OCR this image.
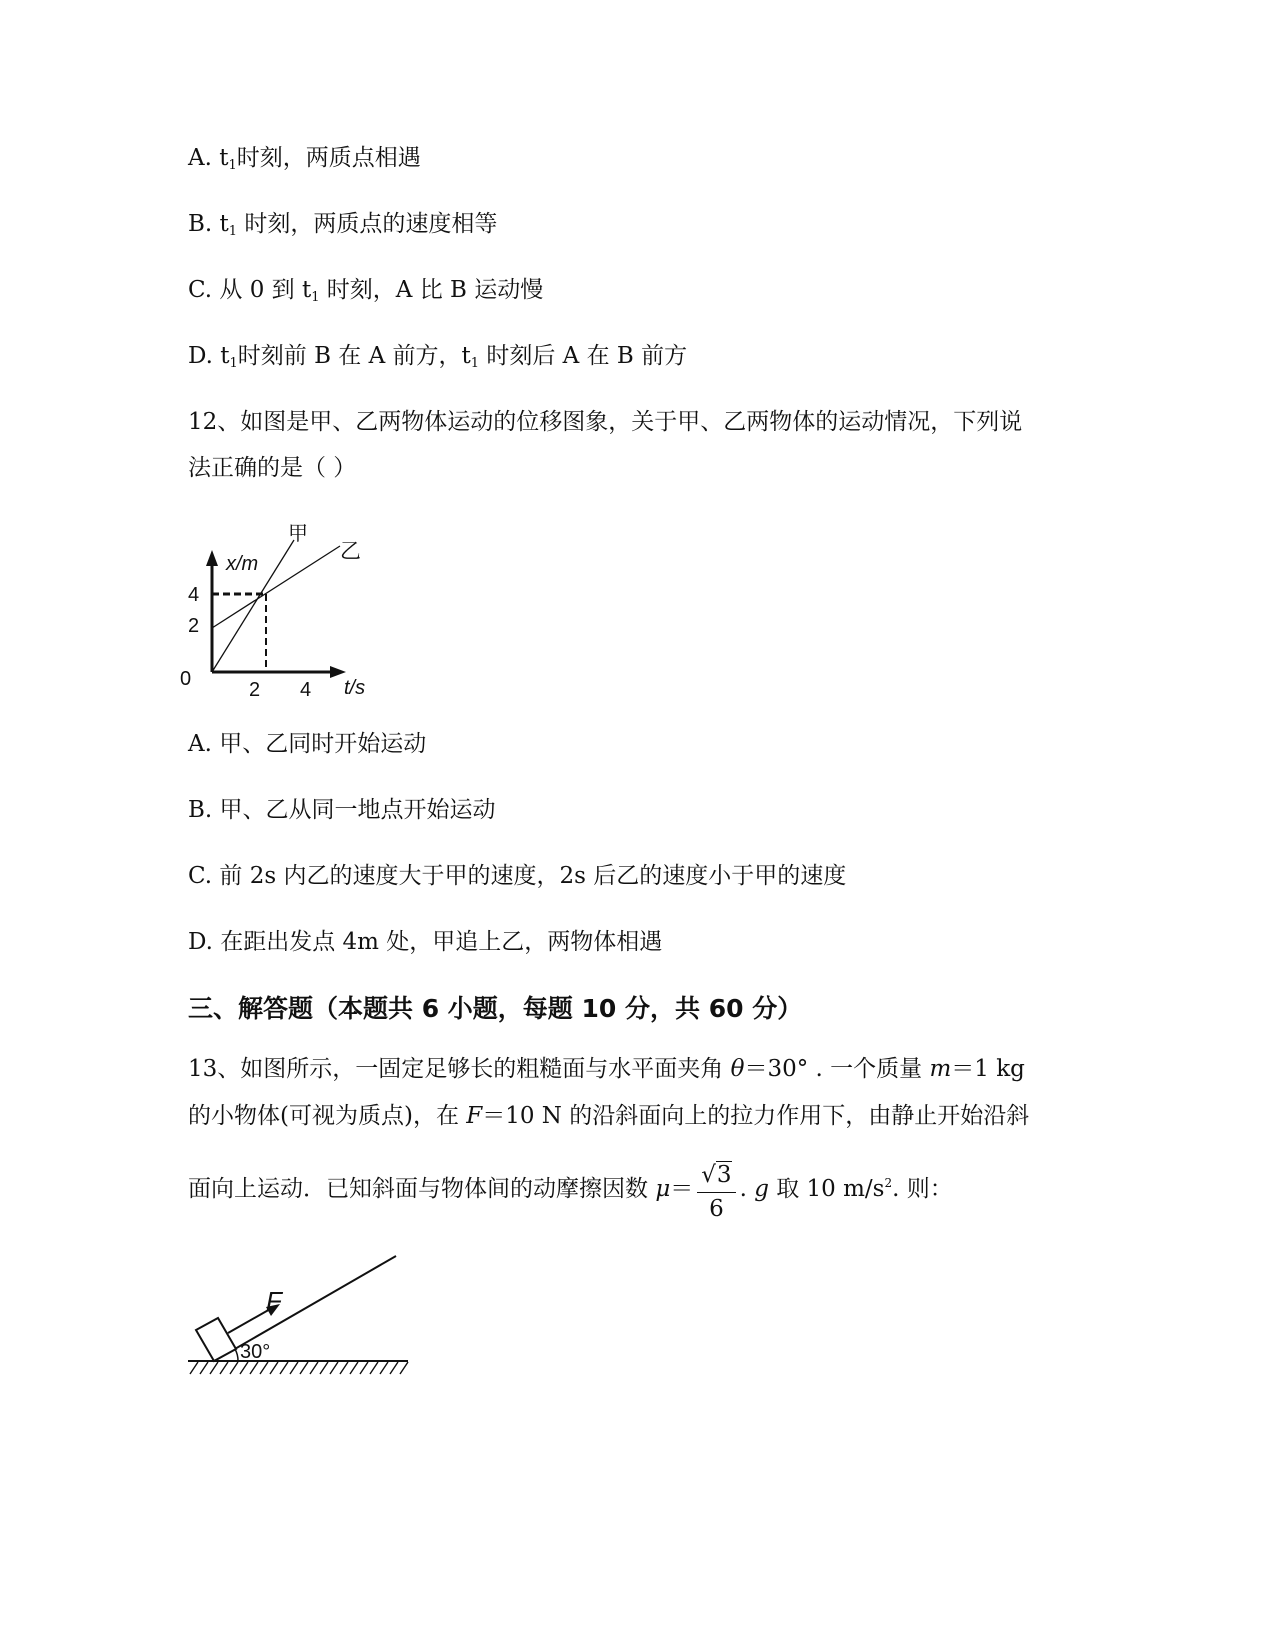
A. $t_1$时刻，两质点相遇
B. $t_1$ 时刻，两质点的速度相等
C. 从 0 到 $t_1$ 时刻，A 比 B 运动慢
D. $t_1$时刻前 B 在 A 前方，$t_1$ 时刻后 A 在 B 前方
12、如图是甲、乙两物体运动的位移图象，关于甲、乙两物体的运动情况，下列说
法正确的是（ ）
甲
乙
x/m
4
2
0	2 4 t/s
A. 甲、乙同时开始运动
B. 甲、乙从同一地点开始运动
C. 前 2s 内乙的速度大于甲的速度，2s 后乙的速度小于甲的速度
D. 在距出发点 4m 处，甲追上乙，两物体相遇
三、解答题（本题共 6 小题，每题 10 分，共 60 分）
13、如图所示，一固定足够长的粗糙面与水平面夹角 θ＝30° . 一个质量 m＝1 kg
的小物体(可视为质点)，在 F＝10 N 的沿斜面向上的拉力作用下，由静止开始沿斜
面向上运动．已知斜面与物体间的动摩擦因数 $\mu= \frac{√3}{6}$ . g 取 10 $m/s^2$. 则：
F
30°
